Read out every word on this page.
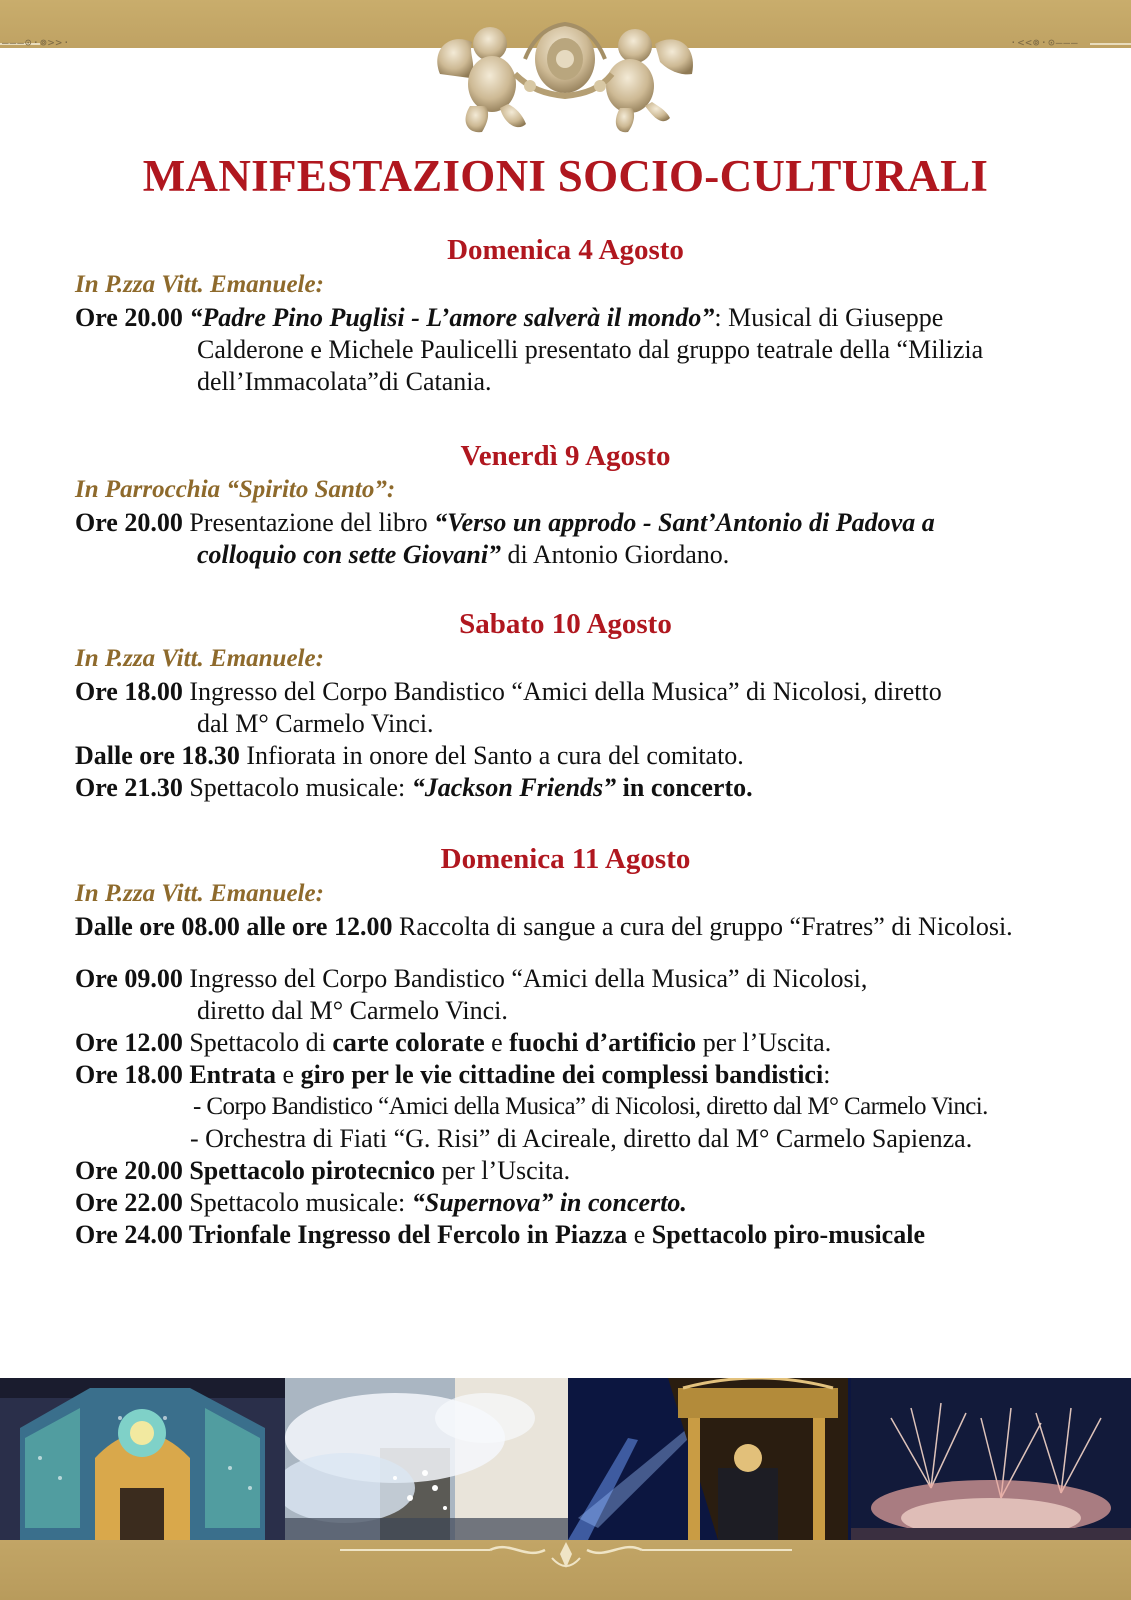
———⊙·⊚>>·	·<<⊚·⊙———
MANIFESTAZIONI SOCIO-CULTURALI
Domenica 4 Agosto
In P.zza Vitt. Emanuele:
Ore 20.00 “Padre Pino Puglisi - L’amore salverà il mondo”: Musical di Giuseppe
Calderone e Michele Paulicelli presentato dal gruppo teatrale della “Milizia
dell’Immacolata”di Catania.
Venerdì 9 Agosto
In Parrocchia “Spirito Santo”:
Ore 20.00 Presentazione del libro “Verso un approdo - Sant’Antonio di Padova a
colloquio con sette Giovani” di Antonio Giordano.
Sabato 10 Agosto
In P.zza Vitt. Emanuele:
Ore 18.00 Ingresso del Corpo Bandistico “Amici della Musica” di Nicolosi, diretto
dal M° Carmelo Vinci.
Dalle ore 18.30 Infiorata in onore del Santo a cura del comitato.
Ore 21.30 Spettacolo musicale: “Jackson Friends” in concerto.
Domenica 11 Agosto
In P.zza Vitt. Emanuele:
Dalle ore 08.00 alle ore 12.00 Raccolta di sangue a cura del gruppo “Fratres” di Nicolosi.
Ore 09.00 Ingresso del Corpo Bandistico “Amici della Musica” di Nicolosi,
diretto dal M° Carmelo Vinci.
Ore 12.00 Spettacolo di carte colorate e fuochi d’artificio per l’Uscita.
Ore 18.00 Entrata e giro per le vie cittadine dei complessi bandistici:
- Corpo Bandistico “Amici della Musica” di Nicolosi, diretto dal M° Carmelo Vinci.
- Orchestra di Fiati “G. Risi” di Acireale, diretto dal M° Carmelo Sapienza.
Ore 20.00 Spettacolo pirotecnico per l’Uscita.
Ore 22.00 Spettacolo musicale: “Supernova” in concerto.
Ore 24.00 Trionfale Ingresso del Fercolo in Piazza e Spettacolo piro-musicale
